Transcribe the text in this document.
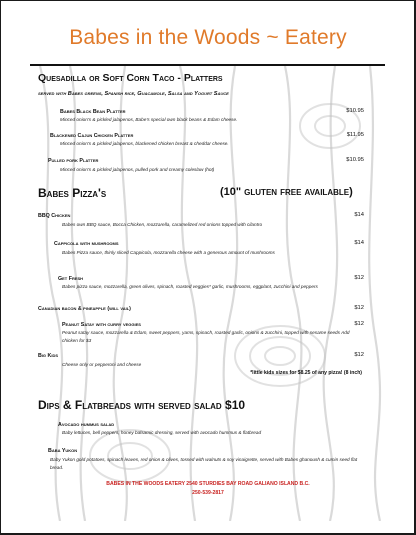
Babes in the Woods ~ Eatery
Quesadilla or Soft Corn Taco - Platters
served with Babes greens, Spanish rice, Guacamole, Salsa and Yogurt Sauce
Babes Black Bean Platter	$10.95
Minced onion's & pickled jalapenos, Babe's special own black beans & Edam cheese.
Blackened Cajun Chicken Platter	$11.95
Minced onion's & pickled jalapenos, blackened chicken breast & cheddar cheese.
Pulled pork Platter	$10.95
Minced onion's & pickled jalapenos, pulled pork and creamy coleslaw (hot)
Babes Pizza's	(10" gluten free available)
BBQ Chicken	$14
Babes own BBQ sauce, Bocca Chicken, mozzarella, caramelized red onions topped with cilantro
Cappicola with mushrooms	$14
Babes Pizza sauce, thinly sliced Cappicola, mozzarella cheese with a generous amount of mushrooms
Get Fresh	$12
Babes pizza sauce, mozzarella, green olives, spinach, roasted veggies* garlic, mushrooms, eggplant, zucchini and peppers
Canadian bacon & pineapple (will vail)	$12
Peanut Satay with curry veggies	$12
Peanut satay sauce, mozzarella & Edam, sweet peppers, yams, spinach, roasted garlic, onions & zucchini, topped with sesame seeds Add chicken for $3
Big Kids	$12
Cheese only or pepperoni and cheese
*little kids sizes for $8.25 of any pizza! (8 inch)
Dips & Flatbreads with served salad $10
Avocado hummus salad
Baby lettuces, bell peppers, honey balsamic dressing, served with avocado hummus & flatbread
Baba Yukon
Baby Yukon gold potatoes, spinach leaves, red onion & olives, tossed with walnuts & soy vinaigrette, served with Babes ghanoush & cumin seed flat bread.
BABES IN THE WOODS EATERY 2540 STURDIES BAY ROAD GALIANO ISLAND B.C.
250-539-2817
